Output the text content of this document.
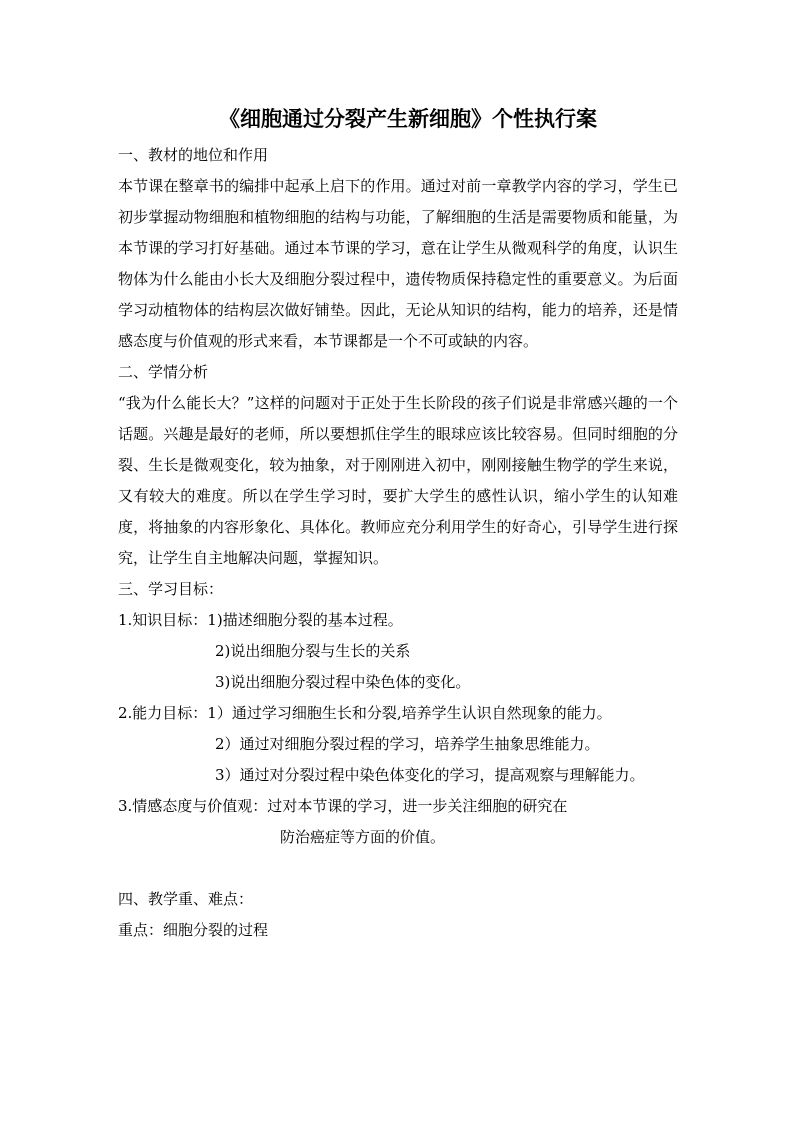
《细胞通过分裂产生新细胞》个性执行案

一、教材的地位和作用

本节课在整章书的编排中起承上启下的作用。通过对前一章教学内容的学习，学生已初步掌握动物细胞和植物细胞的结构与功能，了解细胞的生活是需要物质和能量，为本节课的学习打好基础。通过本节课的学习，意在让学生从微观科学的角度，认识生物体为什么能由小长大及细胞分裂过程中，遗传物质保持稳定性的重要意义。为后面学习动植物体的结构层次做好铺垫。因此，无论从知识的结构，能力的培养，还是情感态度与价值观的形式来看，本节课都是一个不可或缺的内容。

二、学情分析

“我为什么能长大？”这样的问题对于正处于生长阶段的孩子们说是非常感兴趣的一个话题。兴趣是最好的老师，所以要想抓住学生的眼球应该比较容易。但同时细胞的分裂、生长是微观变化，较为抽象，对于刚刚进入初中，刚刚接触生物学的学生来说，又有较大的难度。所以在学生学习时，要扩大学生的感性认识，缩小学生的认知难度，将抽象的内容形象化、具体化。教师应充分利用学生的好奇心，引导学生进行探究，让学生自主地解决问题，掌握知识。

三、学习目标：

1.知识目标：1)描述细胞分裂的基本过程。

2)说出细胞分裂与生长的关系

3)说出细胞分裂过程中染色体的变化。

2.能力目标：1）通过学习细胞生长和分裂,培养学生认识自然现象的能力。

2）通过对细胞分裂过程的学习，培养学生抽象思维能力。

3）通过对分裂过程中染色体变化的学习，提高观察与理解能力。

3.情感态度与价值观：过对本节课的学习，进一步关注细胞的研究在

防治癌症等方面的价值。

四、教学重、难点：

重点：细胞分裂的过程
